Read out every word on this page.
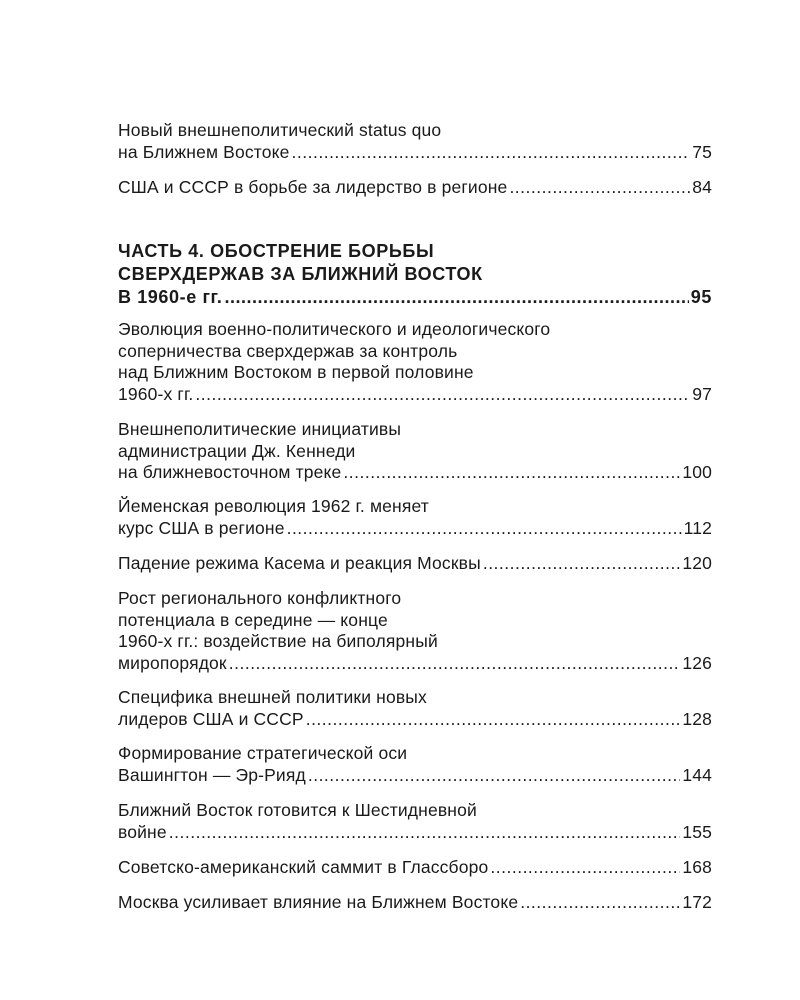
Новый внешнеполитический status quo
на Ближнем Востоке .....	75
США и СССР в борьбе за лидерство в регионе .....	84
ЧАСТЬ 4. ОБОСТРЕНИЕ БОРЬБЫ
СВЕРХДЕРЖАВ ЗА БЛИЖНИЙ ВОСТОК
В 1960-е гг. .....	95
Эволюция военно-политического и идеологического
соперничества сверхдержав за контроль
над Ближним Востоком в первой половине
1960-х гг. .....	97
Внешнеполитические инициативы
администрации Дж. Кеннеди
на ближневосточном треке .....	100
Йеменская революция 1962 г. меняет
курс США в регионе .....	112
Падение режима Касема и реакция Москвы .....	120
Рост регионального конфликтного
потенциала в середине — конце
1960-х гг.: воздействие на биполярный
миропорядок .....	126
Специфика внешней политики новых
лидеров США и СССР .....	128
Формирование стратегической оси
Вашингтон — Эр-Рияд .....	144
Ближний Восток готовится к Шестидневной
войне .....	155
Советско-американский саммит в Глассборо .....	168
Москва усиливает влияние на Ближнем Востоке .....	172
